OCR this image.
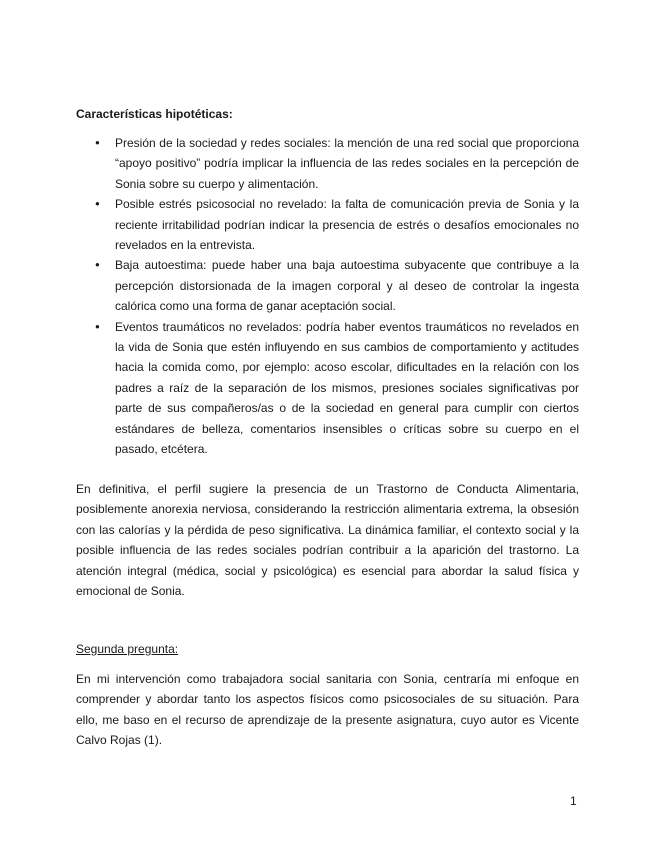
Características hipotéticas:

● Presión de la sociedad y redes sociales: la mención de una red social que proporciona “apoyo positivo” podría implicar la influencia de las redes sociales en la percepción de Sonia sobre su cuerpo y alimentación.
● Posible estrés psicosocial no revelado: la falta de comunicación previa de Sonia y la reciente irritabilidad podrían indicar la presencia de estrés o desafíos emocionales no revelados en la entrevista.
● Baja autoestima: puede haber una baja autoestima subyacente que contribuye a la percepción distorsionada de la imagen corporal y al deseo de controlar la ingesta calórica como una forma de ganar aceptación social.
● Eventos traumáticos no revelados: podría haber eventos traumáticos no revelados en la vida de Sonia que estén influyendo en sus cambios de comportamiento y actitudes hacia la comida como, por ejemplo: acoso escolar, dificultades en la relación con los padres a raíz de la separación de los mismos, presiones sociales significativas por parte de sus compañeros/as o de la sociedad en general para cumplir con ciertos estándares de belleza, comentarios insensibles o críticas sobre su cuerpo en el pasado, etcétera.

En definitiva, el perfil sugiere la presencia de un Trastorno de Conducta Alimentaria, posiblemente anorexia nerviosa, considerando la restricción alimentaria extrema, la obsesión con las calorías y la pérdida de peso significativa. La dinámica familiar, el contexto social y la posible influencia de las redes sociales podrían contribuir a la aparición del trastorno. La atención integral (médica, social y psicológica) es esencial para abordar la salud física y emocional de Sonia.

Segunda pregunta:

En mi intervención como trabajadora social sanitaria con Sonia, centraría mi enfoque en comprender y abordar tanto los aspectos físicos como psicosociales de su situación. Para ello, me baso en el recurso de aprendizaje de la presente asignatura, cuyo autor es Vicente Calvo Rojas (1).

1
